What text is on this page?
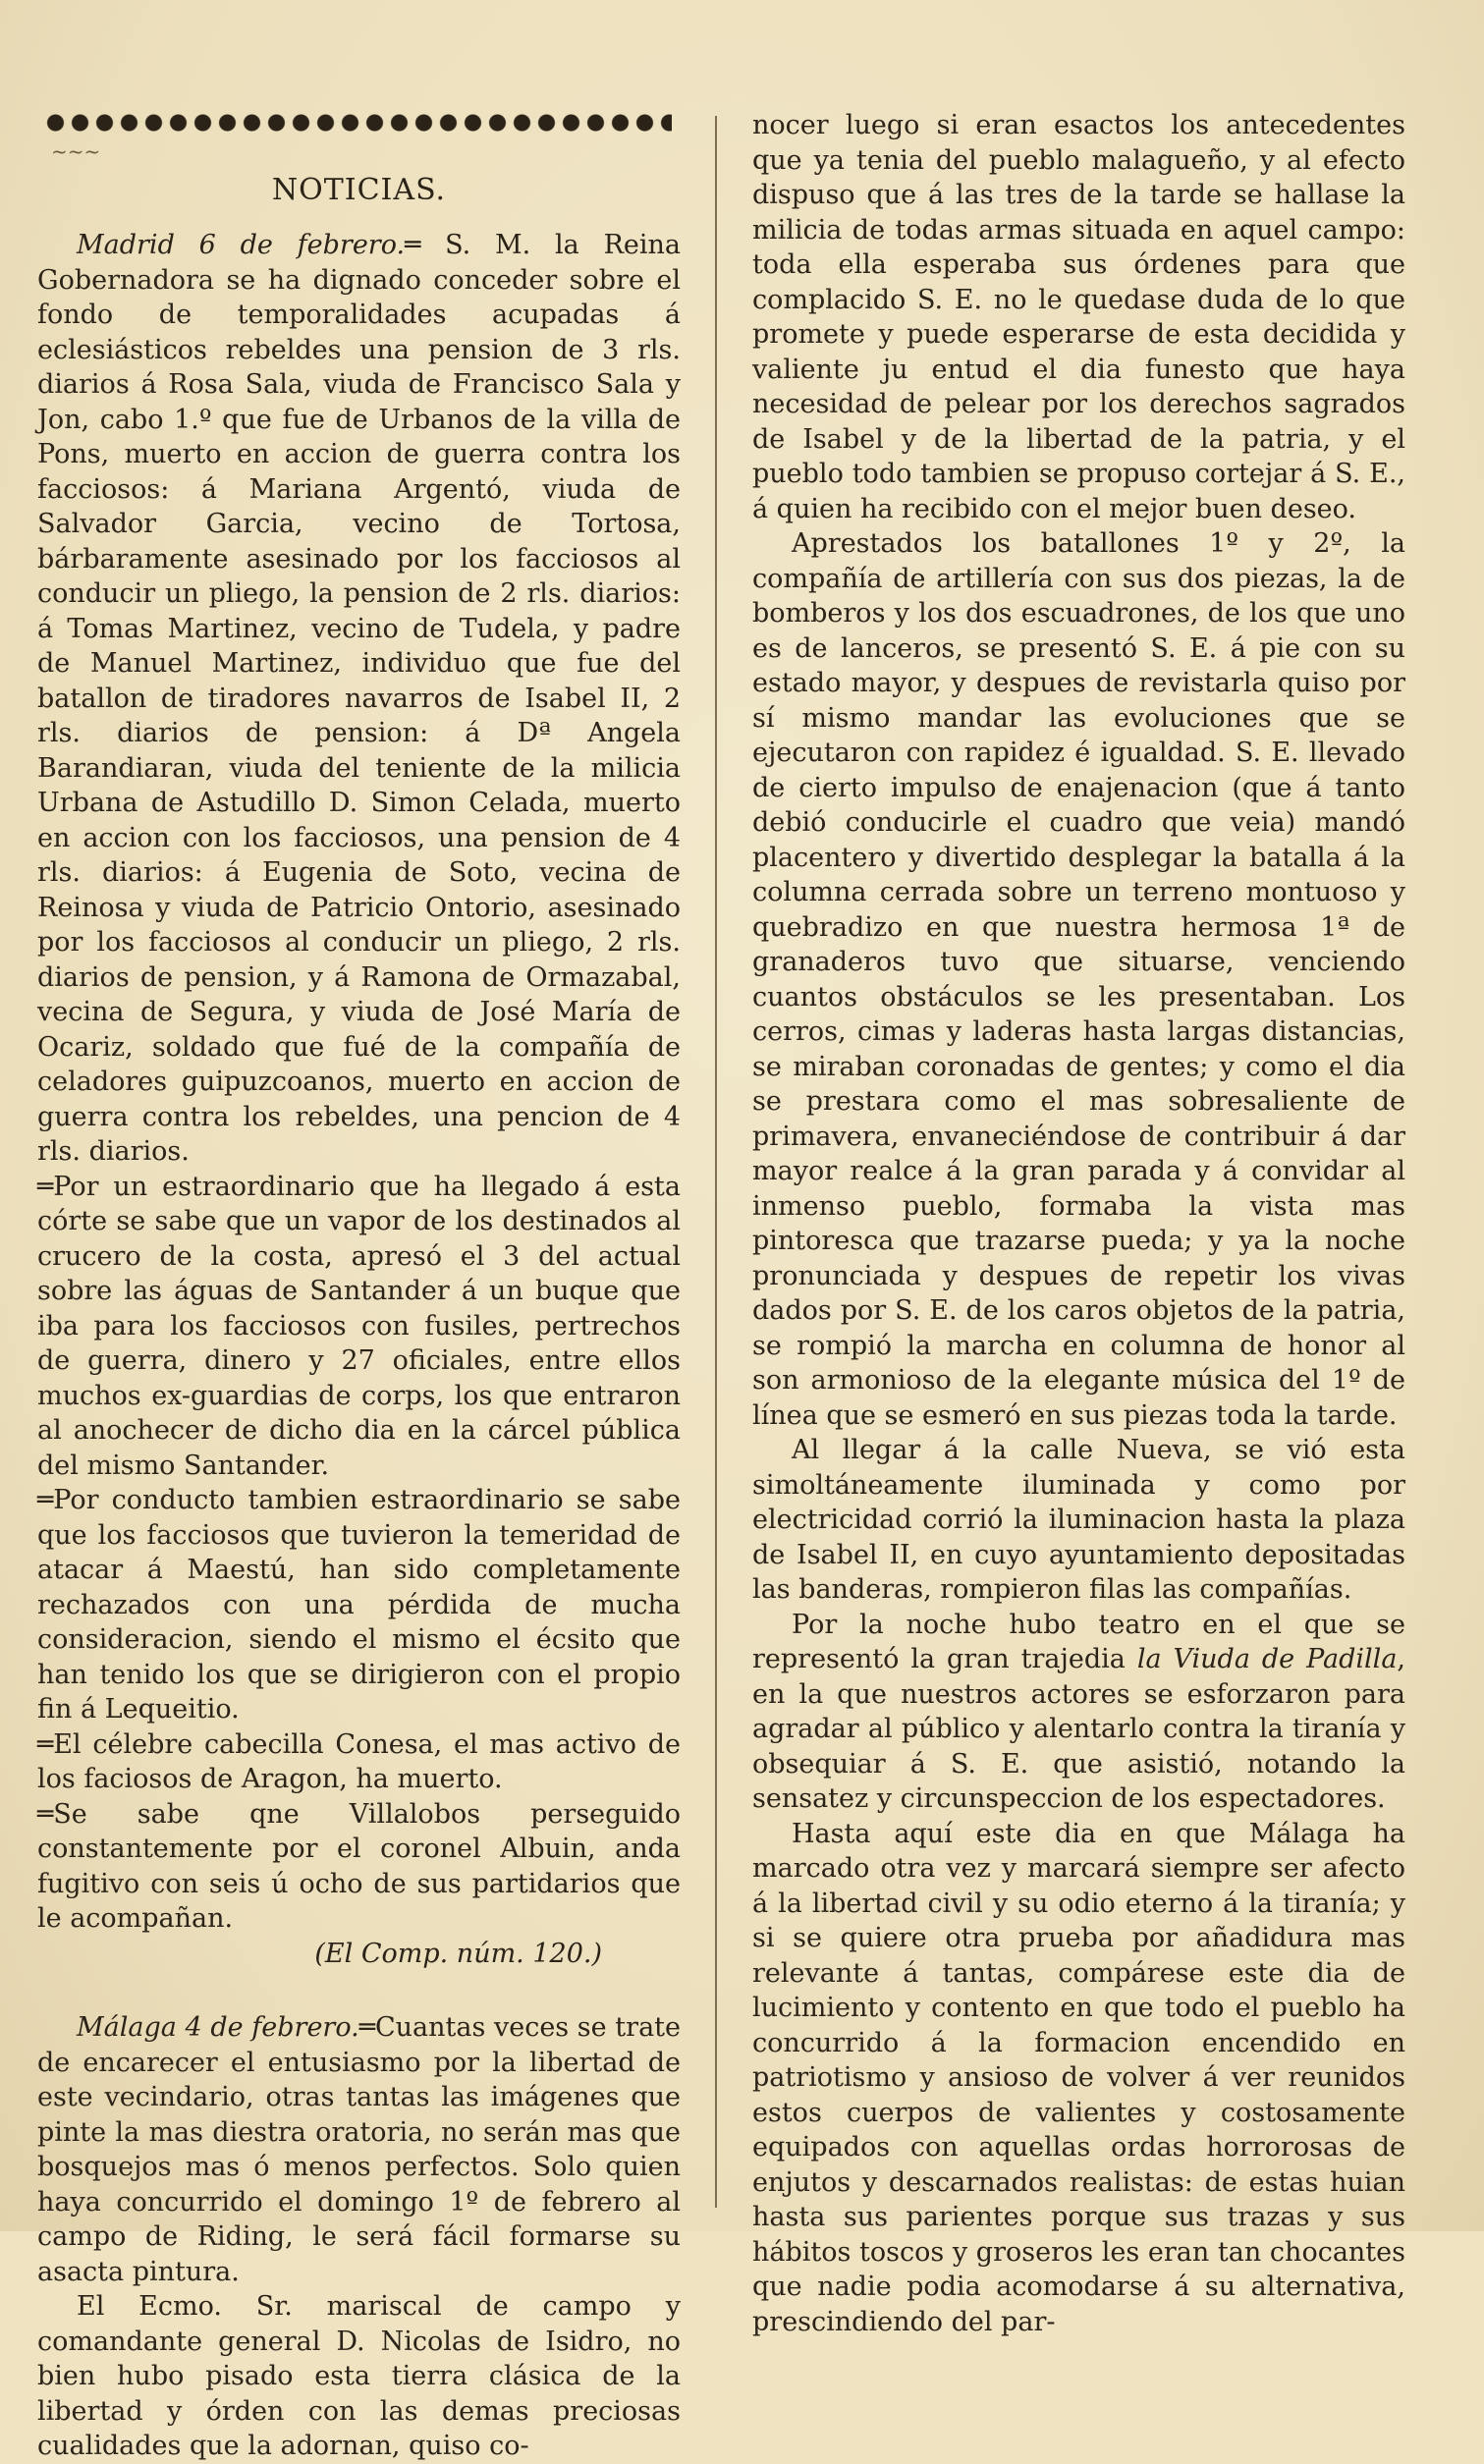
~~~
NOTICIAS.

Madrid 6 de febrero.═ S. M. la Reina Gobernadora se ha dignado conceder sobre el fondo de temporalidades acupadas á eclesiásticos rebeldes una pension de 3 rls. diarios á Rosa Sala, viuda de Francisco Sala y Jon, cabo 1.º que fue de Urbanos de la villa de Pons, muerto en accion de guerra contra los facciosos: á Mariana Argentó, viuda de Salvador Garcia, vecino de Tortosa, bárbaramente asesinado por los facciosos al conducir un pliego, la pension de 2 rls. diarios: á Tomas Martinez, vecino de Tudela, y padre de Manuel Martinez, individuo que fue del batallon de tiradores navarros de Isabel II, 2 rls. diarios de pension: á Dª Angela Barandiaran, viuda del teniente de la milicia Urbana de Astudillo D. Simon Celada, muerto en accion con los facciosos, una pension de 4 rls. diarios: á Eugenia de Soto, vecina de Reinosa y viuda de Patricio Ontorio, asesinado por los facciosos al conducir un pliego, 2 rls. diarios de pension, y á Ramona de Ormazabal, vecina de Segura, y viuda de José María de Ocariz, soldado que fué de la compañía de celadores guipuzcoanos, muerto en accion de guerra contra los rebeldes, una pencion de 4 rls. diarios.

═Por un estraordinario que ha llegado á esta córte se sabe que un vapor de los destinados al crucero de la costa, apresó el 3 del actual sobre las águas de Santander á un buque que iba para los facciosos con fusiles, pertrechos de guerra, dinero y 27 oficiales, entre ellos muchos ex-guardias de corps, los que entraron al anochecer de dicho dia en la cárcel pública del mismo Santander.

═Por conducto tambien estraordinario se sabe que los facciosos que tuvieron la temeridad de atacar á Maestú, han sido completamente rechazados con una pérdida de mucha consideracion, siendo el mismo el écsito que han tenido los que se dirigieron con el propio fin á Lequeitio.

═El célebre cabecilla Conesa, el mas activo de los faciosos de Aragon, ha muerto.

═Se sabe qne Villalobos perseguido constantemente por el coronel Albuin, anda fugitivo con seis ú ocho de sus partidarios que le acompañan.

(El Comp. núm. 120.)

Málaga 4 de febrero.═Cuantas veces se trate de encarecer el entusiasmo por la libertad de este vecindario, otras tantas las imágenes que pinte la mas diestra oratoria, no serán mas que bosquejos mas ó menos perfectos. Solo quien haya concurrido el domingo 1º de febrero al campo de Riding, le será fácil formarse su asacta pintura.

El Ecmo. Sr. mariscal de campo y comandante general D. Nicolas de Isidro, no bien hubo pisado esta tierra clásica de la libertad y órden con las demas preciosas cualidades que la adornan, quiso co-

nocer luego si eran esactos los antecedentes que ya tenia del pueblo malagueño, y al efecto dispuso que á las tres de la tarde se hallase la milicia de todas armas situada en aquel campo: toda ella esperaba sus órdenes para que complacido S. E. no le quedase duda de lo que promete y puede esperarse de esta decidida y valiente ju entud el dia funesto que haya necesidad de pelear por los derechos sagrados de Isabel y de la libertad de la patria, y el pueblo todo tambien se propuso cortejar á S. E., á quien ha recibido con el mejor buen deseo.

Aprestados los batallones 1º y 2º, la compañía de artillería con sus dos piezas, la de bomberos y los dos escuadrones, de los que uno es de lanceros, se presentó S. E. á pie con su estado mayor, y despues de revistarla quiso por sí mismo mandar las evoluciones que se ejecutaron con rapidez é igualdad. S. E. llevado de cierto impulso de enajenacion (que á tanto debió conducirle el cuadro que veia) mandó placentero y divertido desplegar la batalla á la columna cerrada sobre un terreno montuoso y quebradizo en que nuestra hermosa 1ª de granaderos tuvo que situarse, venciendo cuantos obstáculos se les presentaban. Los cerros, cimas y laderas hasta largas distancias, se miraban coronadas de gentes; y como el dia se prestara como el mas sobresaliente de primavera, envaneciéndose de contribuir á dar mayor realce á la gran parada y á convidar al inmenso pueblo, formaba la vista mas pintoresca que trazarse pueda; y ya la noche pronunciada y despues de repetir los vivas dados por S. E. de los caros objetos de la patria, se rompió la marcha en columna de honor al son armonioso de la elegante música del 1º de línea que se esmeró en sus piezas toda la tarde.

Al llegar á la calle Nueva, se vió esta simoltáneamente iluminada y como por electricidad corrió la iluminacion hasta la plaza de Isabel II, en cuyo ayuntamiento depositadas las banderas, rompieron filas las compañías.

Por la noche hubo teatro en el que se representó la gran trajedia la Viuda de Padilla, en la que nuestros actores se esforzaron para agradar al público y alentarlo contra la tiranía y obsequiar á S. E. que asistió, notando la sensatez y circunspeccion de los espectadores.

Hasta aquí este dia en que Málaga ha marcado otra vez y marcará siempre ser afecto á la libertad civil y su odio eterno á la tiranía; y si se quiere otra prueba por añadidura mas relevante á tantas, compárese este dia de lucimiento y contento en que todo el pueblo ha concurrido á la formacion encendido en patriotismo y ansioso de volver á ver reunidos estos cuerpos de valientes y costosamente equipados con aquellas ordas horrorosas de enjutos y descarnados realistas: de estas huian hasta sus parientes porque sus trazas y sus hábitos toscos y groseros les eran tan chocantes que nadie podia acomodarse á su alternativa, prescindiendo del par-
